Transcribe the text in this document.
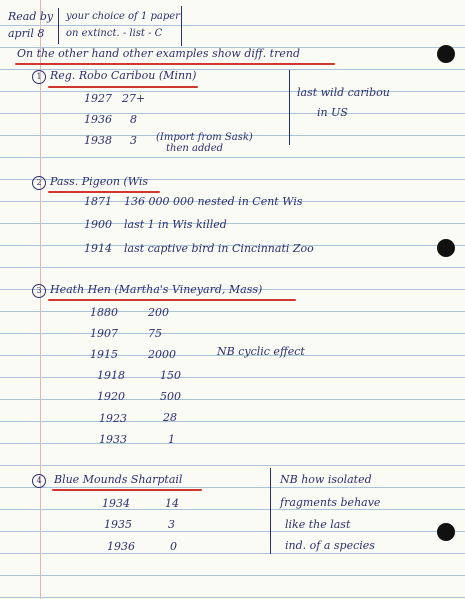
Read by
april 8
your choice of 1 paper
on extinct. - list - C
On the other hand other examples show diff. trend
1 Reg. Robo Caribou (Minn)
1927 27+
1936 8
1938 3 (Import from Sask)
then added
last wild caribou
in US
2 Pass. Pigeon (Wis
1871 136 000 000 nested in Cent Wis
1900 last 1 in Wis killed
1914 last captive bird in Cincinnati Zoo
3 Heath Hen (Martha's Vineyard, Mass)
1880	200
1907	75
1915	2000	NB cyclic effect
1918	150
1920	500
1923	28
1933	1
4	Blue Mounds Sharptail
1934	14
1935	3
1936	0
NB how isolated
fragments behave
like the last
ind. of a species
